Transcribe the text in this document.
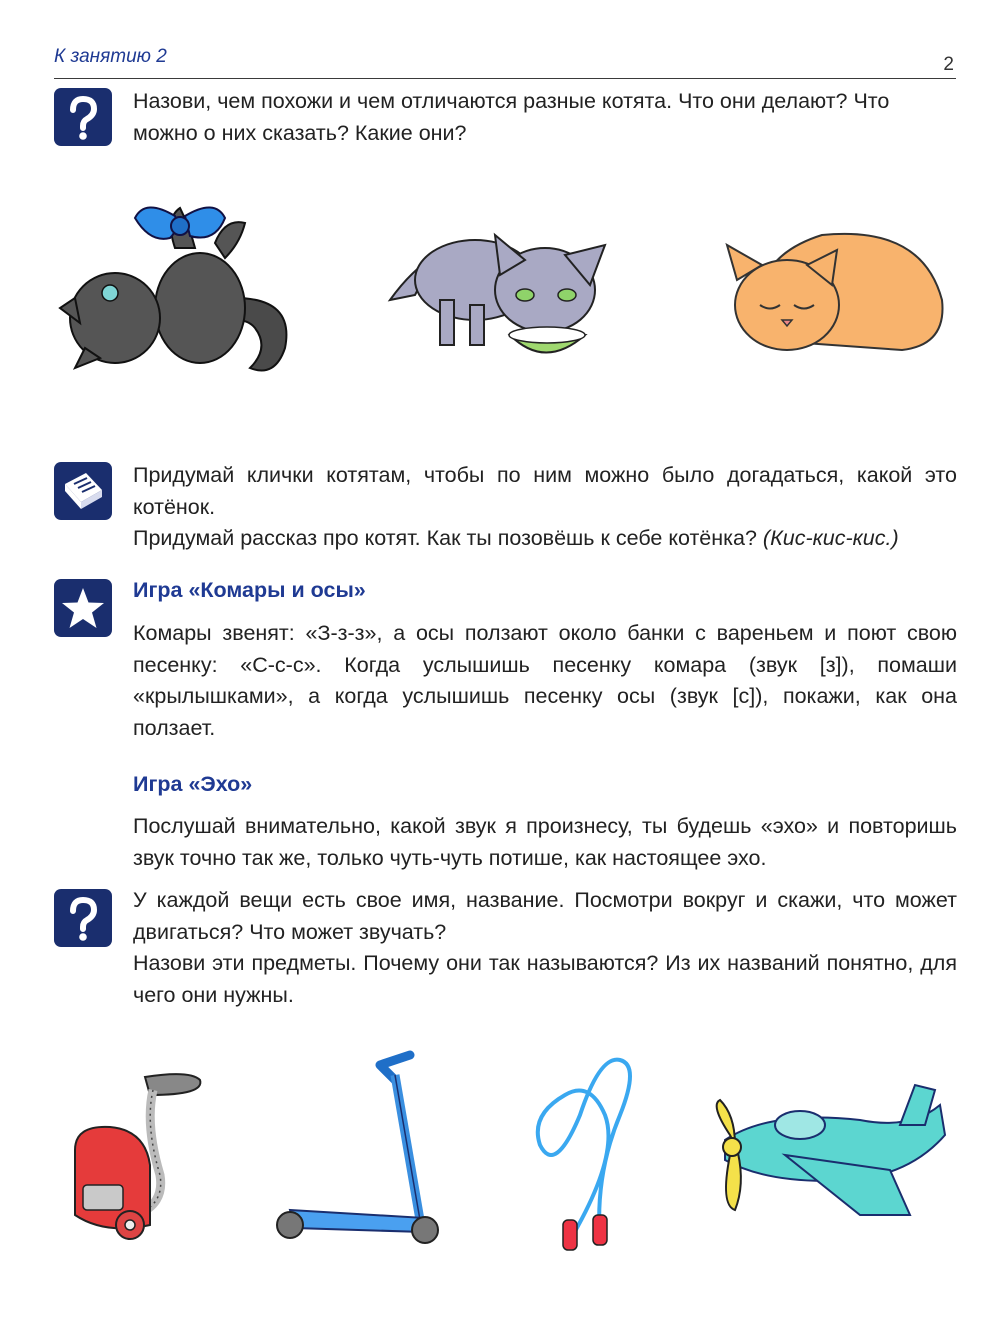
К занятию 2	2

Назови, чем похожи и чем отличаются разные котята. Что они делают? Что можно о них сказать? Какие они?

Придумай клички котятам, чтобы по ним можно было догадаться, какой это котёнок.

Придумай рассказ про котят. Как ты позовёшь к себе котёнка? (Кис-кис-кис.)

Игра «Комары и осы»

Комары звенят: «З-з-з», а осы ползают около банки с вареньем и поют свою песенку: «С-с-с». Когда услышишь песенку комара (звук [з]), помаши «крылышками», а когда услышишь песенку осы (звук [с]), покажи, как она ползает.

Игра «Эхо»

Послушай внимательно, какой звук я произнесу, ты будешь «эхо» и повторишь звук точно так же, только чуть-чуть потише, как настоящее эхо.

У каждой вещи есть свое имя, название. Посмотри вокруг и скажи, что может двигаться? Что может звучать?

Назови эти предметы. Почему они так называются? Из их названий понятно, для чего они нужны.
